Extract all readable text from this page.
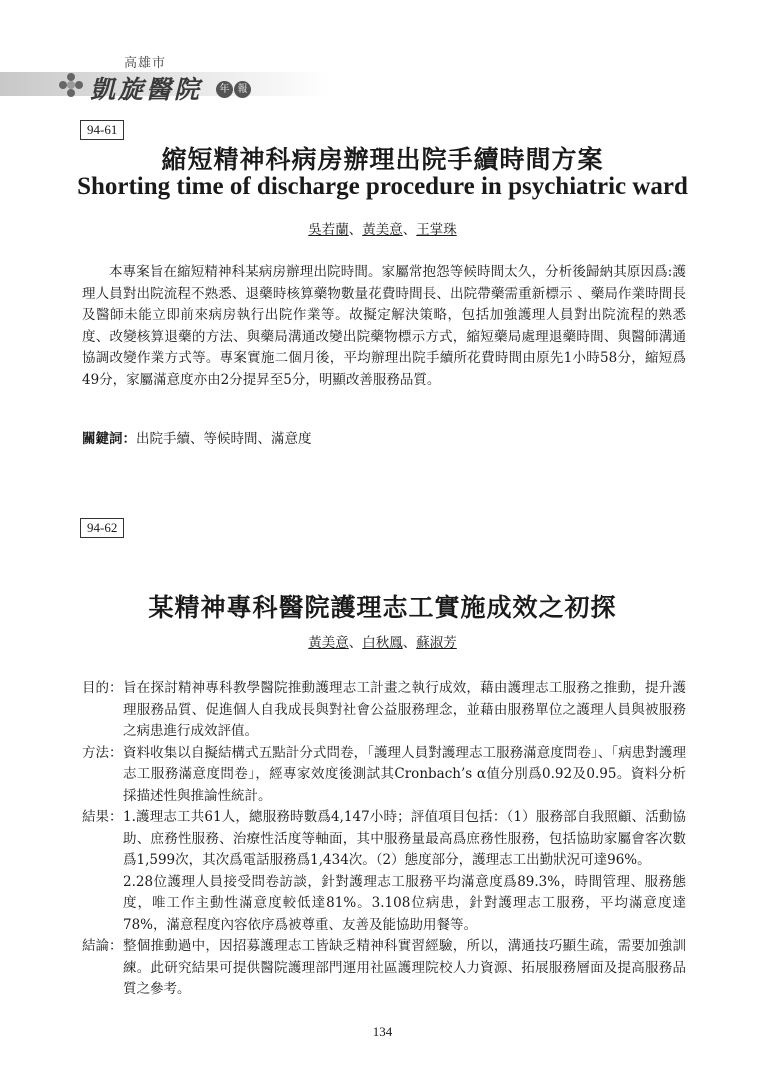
高雄市
凱旋醫院	年 報
94-61
縮短精神科病房辦理出院手續時間方案
Shorting time of discharge procedure in psychiatric ward
吳若蘭、黃美意、王掌珠

本專案旨在縮短精神科某病房辦理出院時間。家屬常抱怨等候時間太久，分析後歸納其原因爲:護理人員對出院流程不熟悉、退藥時核算藥物數量花費時間長、出院帶藥需重新標示 、藥局作業時間長及醫師未能立即前來病房執行出院作業等。故擬定解決策略，包括加強護理人員對出院流程的熟悉度、改變核算退藥的方法、與藥局溝通改變出院藥物標示方式，縮短藥局處理退藥時間、與醫師溝通協調改變作業方式等。專案實施二個月後，平均辦理出院手續所花費時間由原先1小時58分，縮短爲49分，家屬滿意度亦由2分提昇至5分，明顯改善服務品質。

關鍵詞：出院手續、等候時間、滿意度
94-62
某精神專科醫院護理志工實施成效之初探
黃美意、白秋鳳、蘇淑芳
目的： 旨在探討精神專科教學醫院推動護理志工計畫之執行成效，藉由護理志工服務之推動，提升護理服務品質、促進個人自我成長與對社會公益服務理念，並藉由服務單位之護理人員與被服務之病患進行成效評值。

方法： 資料收集以自擬結構式五點計分式問卷，「護理人員對護理志工服務滿意度問卷」、「病患對護理志工服務滿意度問卷」，經專家效度後測試其Cronbach’s α值分別爲0.92及0.95。資料分析採描述性與推論性統計。

結果： 1.護理志工共61人，總服務時數爲4,147小時；評值項目包括：（1）服務部自我照顧、活動協助、庶務性服務、治療性活度等軸面，其中服務量最高爲庶務性服務，包括協助家屬會客次數爲1,599次，其次爲電話服務爲1,434次。（2）態度部分，護理志工出勤狀況可達96%。

2.28位護理人員接受問卷訪談，針對護理志工服務平均滿意度爲89.3%，時間管理、服務態度，唯工作主動性滿意度較低達81%。3.108位病患，針對護理志工服務，平均滿意度達78%，滿意程度內容依序爲被尊重、友善及能協助用餐等。

結論： 整個推動過中，因招募護理志工皆缺乏精神科實習經驗，所以，溝通技巧顯生疏，需要加強訓練。此研究結果可提供醫院護理部門運用社區護理院校人力資源、拓展服務層面及提高服務品質之參考。

134
